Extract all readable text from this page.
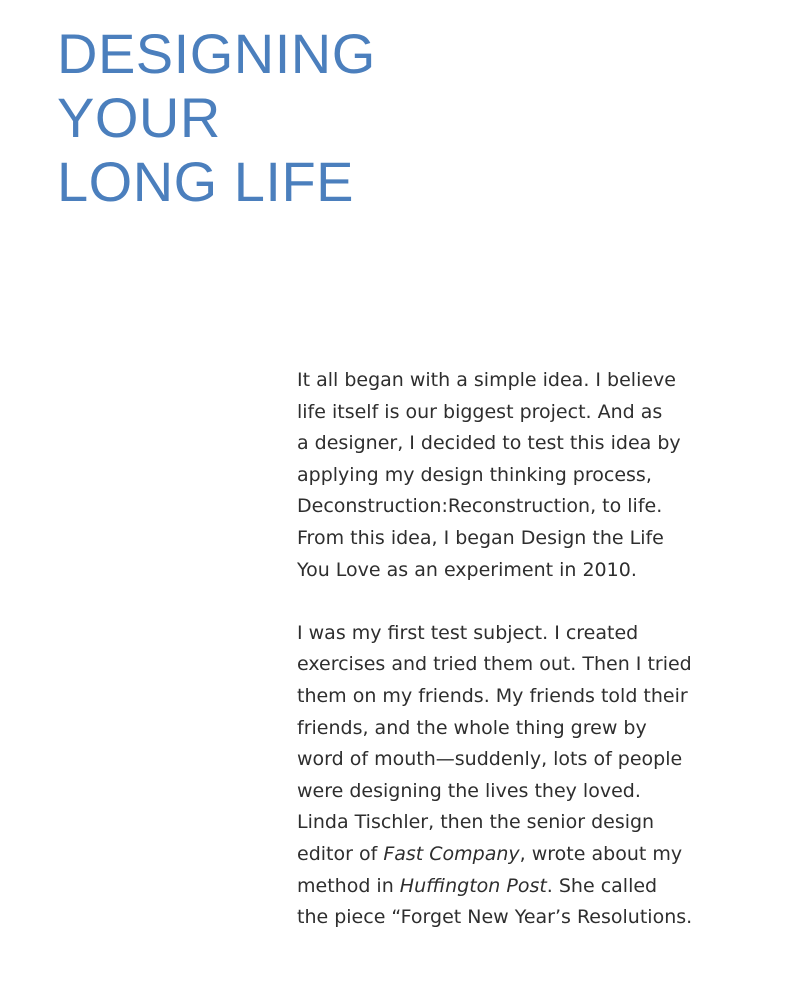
DESIGNING
YOUR
LONG LIFE

It all began with a simple idea. I believe
life itself is our biggest project. And as
a designer, I decided to test this idea by
applying my design thinking process,
Deconstruction:Reconstruction, to life.
From this idea, I began Design the Life
You Love as an experiment in 2010.

I was my first test subject. I created
exercises and tried them out. Then I tried
them on my friends. My friends told their
friends, and the whole thing grew by
word of mouth—suddenly, lots of people
were designing the lives they loved.
Linda Tischler, then the senior design
editor of Fast Company, wrote about my
method in Huffington Post. She called
the piece “Forget New Year’s Resolutions.
